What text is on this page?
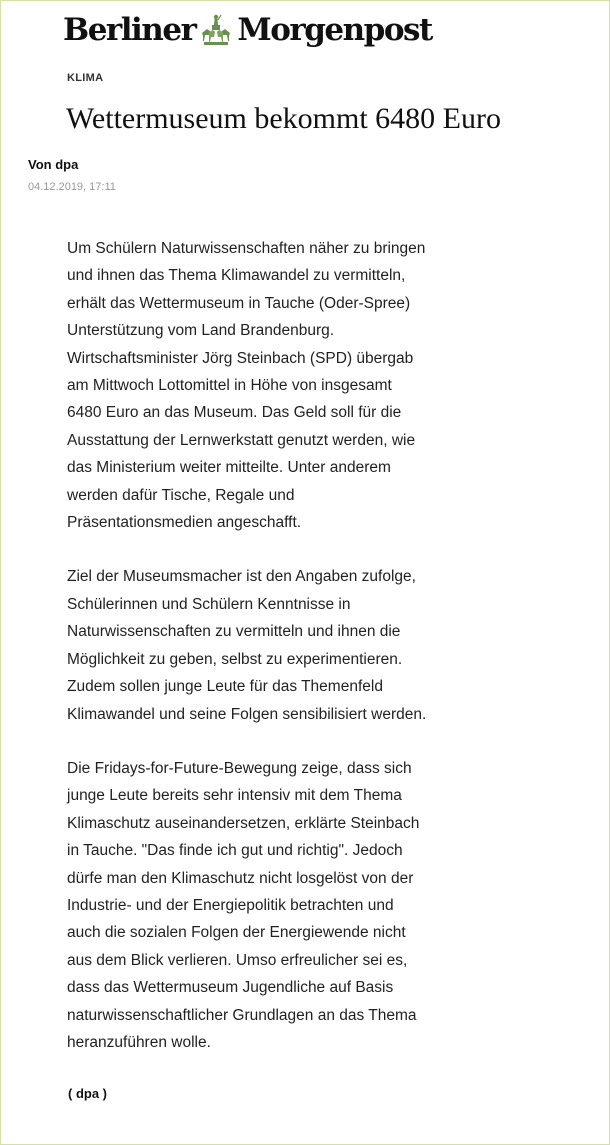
Berliner Morgenpost
KLIMA
Wettermuseum bekommt 6480 Euro
Von dpa
04.12.2019, 17:11

Um Schülern Naturwissenschaften näher zu bringen
und ihnen das Thema Klimawandel zu vermitteln,
erhält das Wettermuseum in Tauche (Oder-Spree)
Unterstützung vom Land Brandenburg.
Wirtschaftsminister Jörg Steinbach (SPD) übergab
am Mittwoch Lottomittel in Höhe von insgesamt
6480 Euro an das Museum. Das Geld soll für die
Ausstattung der Lernwerkstatt genutzt werden, wie
das Ministerium weiter mitteilte. Unter anderem
werden dafür Tische, Regale und
Präsentationsmedien angeschafft.

Ziel der Museumsmacher ist den Angaben zufolge,
Schülerinnen und Schülern Kenntnisse in
Naturwissenschaften zu vermitteln und ihnen die
Möglichkeit zu geben, selbst zu experimentieren.
Zudem sollen junge Leute für das Themenfeld
Klimawandel und seine Folgen sensibilisiert werden.

Die Fridays-for-Future-Bewegung zeige, dass sich
junge Leute bereits sehr intensiv mit dem Thema
Klimaschutz auseinandersetzen, erklärte Steinbach
in Tauche. "Das finde ich gut und richtig". Jedoch
dürfe man den Klimaschutz nicht losgelöst von der
Industrie- und der Energiepolitik betrachten und
auch die sozialen Folgen der Energiewende nicht
aus dem Blick verlieren. Umso erfreulicher sei es,
dass das Wettermuseum Jugendliche auf Basis
naturwissenschaftlicher Grundlagen an das Thema
heranzuführen wolle.

( dpa )
